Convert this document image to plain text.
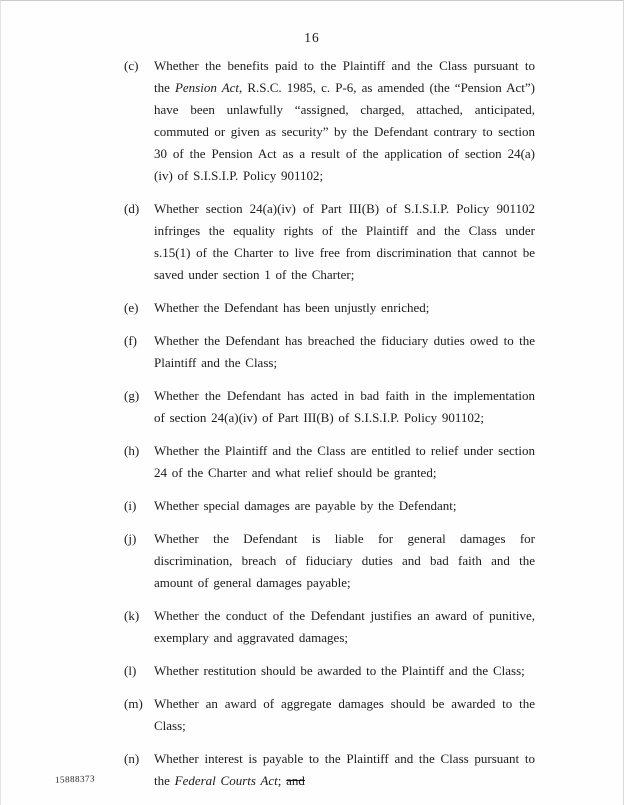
16
(c)	Whether the benefits paid to the Plaintiff and the Class pursuant to the Pension Act, R.S.C. 1985, c. P-6, as amended (the “Pension Act”) have been unlawfully “assigned, charged, attached, anticipated, commuted or given as security” by the Defendant contrary to section 30 of the Pension Act as a result of the application of section 24(a)(iv) of S.I.S.I.P. Policy 901102;

(d)	Whether section 24(a)(iv) of Part III(B) of S.I.S.I.P. Policy 901102 infringes the equality rights of the Plaintiff and the Class under s.15(1) of the Charter to live free from discrimination that cannot be saved under section 1 of the Charter;

(e)	Whether the Defendant has been unjustly enriched;

(f)	Whether the Defendant has breached the fiduciary duties owed to the Plaintiff and the Class;

(g)	Whether the Defendant has acted in bad faith in the implementation of section 24(a)(iv) of Part III(B) of S.I.S.I.P. Policy 901102;

(h)	Whether the Plaintiff and the Class are entitled to relief under section 24 of the Charter and what relief should be granted;

(i)	Whether special damages are payable by the Defendant;

(j)	Whether the Defendant is liable for general damages for discrimination, breach of fiduciary duties and bad faith and the amount of general damages payable;

(k)	Whether the conduct of the Defendant justifies an award of punitive, exemplary and aggravated damages;

(l)	Whether restitution should be awarded to the Plaintiff and the Class;

(m) Whether an award of aggregate damages should be awarded to the Class;

(n)	Whether interest is payable to the Plaintiff and the Class pursuant to the Federal Courts Act; and

15888373
